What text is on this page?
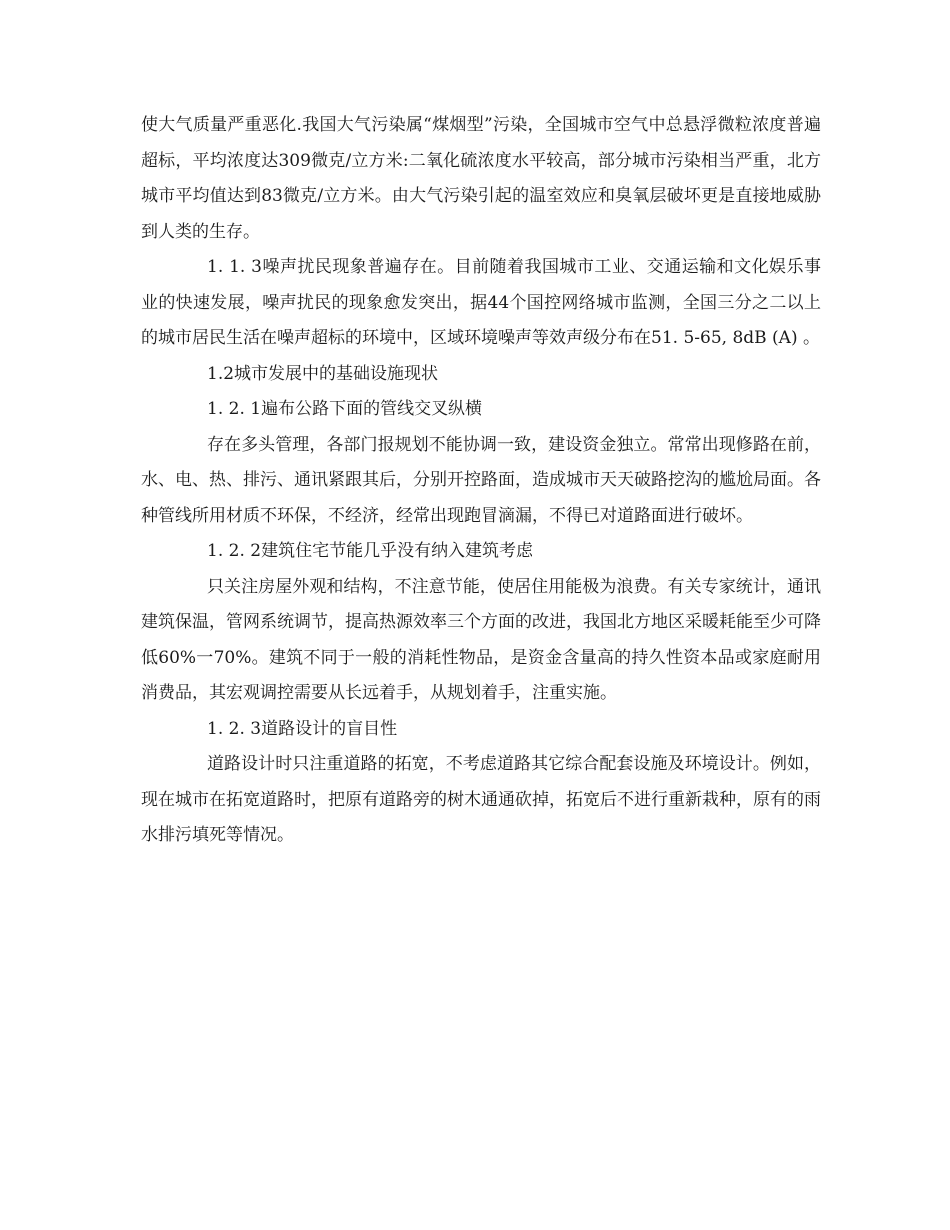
使大气质量严重恶化.我国大气污染属“煤烟型”污染，全国城市空气中总悬浮微粒浓度普遍超标，平均浓度达309微克/立方米:二氧化硫浓度水平较高，部分城市污染相当严重，北方城市平均值达到83微克/立方米。由大气污染引起的温室效应和臭氧层破坏更是直接地威胁到人类的生存。

1. 1. 3噪声扰民现象普遍存在。目前随着我国城市工业、交通运输和文化娱乐事业的快速发展，噪声扰民的现象愈发突出，据44个国控网络城市监测，全国三分之二以上的城市居民生活在噪声超标的环境中，区域环境噪声等效声级分布在51. 5-65, 8dB (A) 。

1.2城市发展中的基础设施现状

1. 2. 1遍布公路下面的管线交叉纵横

存在多头管理，各部门报规划不能协调一致，建设资金独立。常常出现修路在前，水、电、热、排污、通讯紧跟其后，分别开控路面，造成城市天天破路挖沟的尴尬局面。各种管线所用材质不环保，不经济，经常出现跑冒滴漏，不得已对道路面进行破坏。

1. 2. 2建筑住宅节能几乎没有纳入建筑考虑

只关注房屋外观和结构，不注意节能，使居住用能极为浪费。有关专家统计，通讯建筑保温，管网系统调节，提高热源效率三个方面的改进，我国北方地区采暖耗能至少可降低60%一70%。建筑不同于一般的消耗性物品，是资金含量高的持久性资本品或家庭耐用消费品，其宏观调控需要从长远着手，从规划着手，注重实施。

1. 2. 3道路设计的盲目性

道路设计时只注重道路的拓宽，不考虑道路其它综合配套设施及环境设计。例如，现在城市在拓宽道路时，把原有道路旁的树木通通砍掉，拓宽后不进行重新栽种，原有的雨水排污填死等情况。
